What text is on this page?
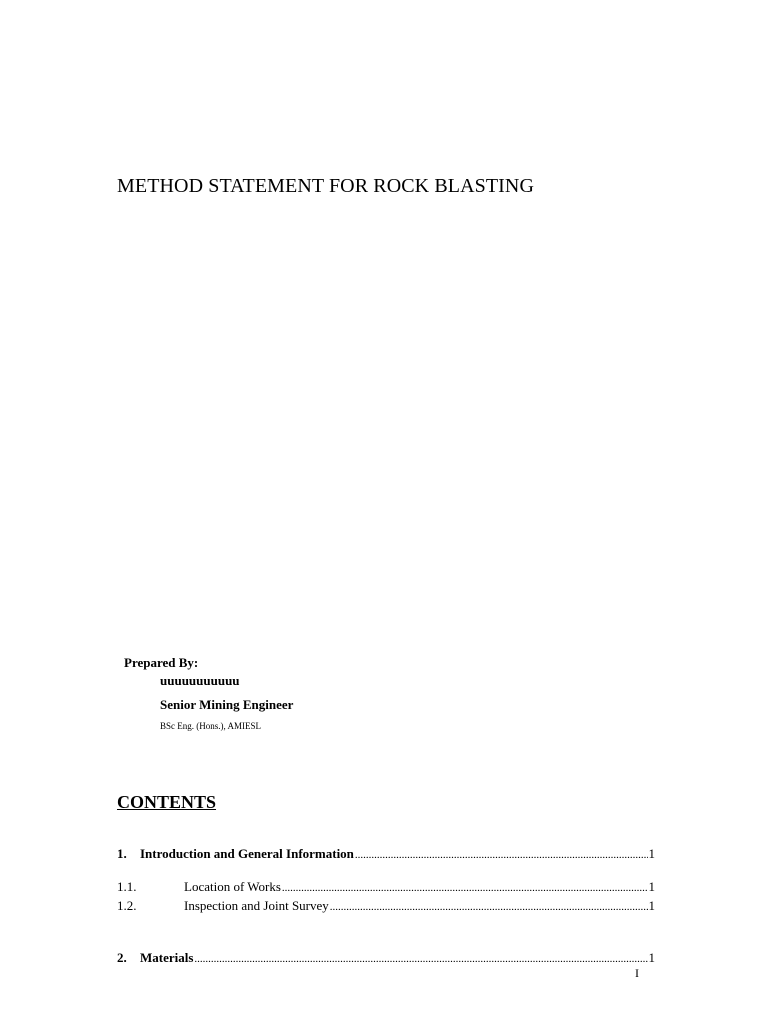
METHOD STATEMENT FOR ROCK BLASTING
Prepared By:
uuuuuuuuuuu
Senior Mining Engineer
BSc Eng. (Hons.), AMIESL
CONTENTS
1.	Introduction and General Information .....	1
1.1.	Location of Works .....	1
1.2.	Inspection and Joint Survey .....	1
2.	Materials .....	1
I
